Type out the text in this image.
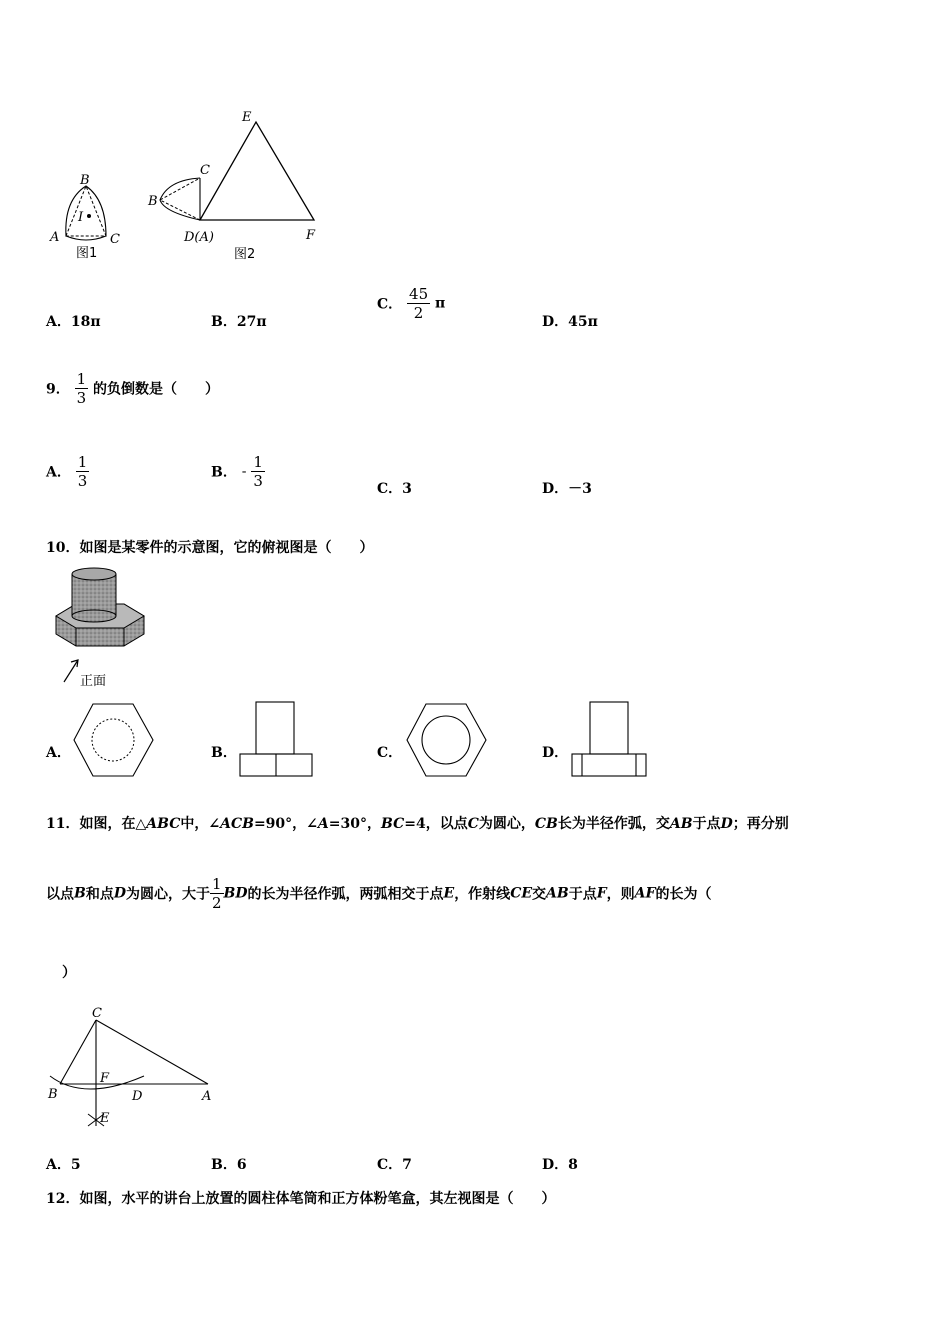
B
A	C
I
图1
E
C
B
D(A)	F
图2
A．18π	B．27π
C． $\frac{45}{2}$ π
D．45π
9． $\frac{1}{3}$ 的负倒数是（　　）
A． $\frac{1}{3}$	B． - $\frac{1}{3}$	C．3	D．－3
10．如图是某零件的示意图，它的俯视图是（　　）
正面
A．	B．	C．	D．
11．如图，在△ABC中，∠ACB=90°，∠A=30°，BC=4，以点C为圆心，CB长为半径作弧，交AB于点D；再分别
以点B和点D为圆心，大于 $\frac{1}{2}$ BD的长为半径作弧，两弧相交于点E，作射线CE交AB于点F，则AF的长为（
）
C
F
B	D	A
E
A．5	B．6	C．7	D．8
12．如图，水平的讲台上放置的圆柱体笔筒和正方体粉笔盒，其左视图是（　　）
